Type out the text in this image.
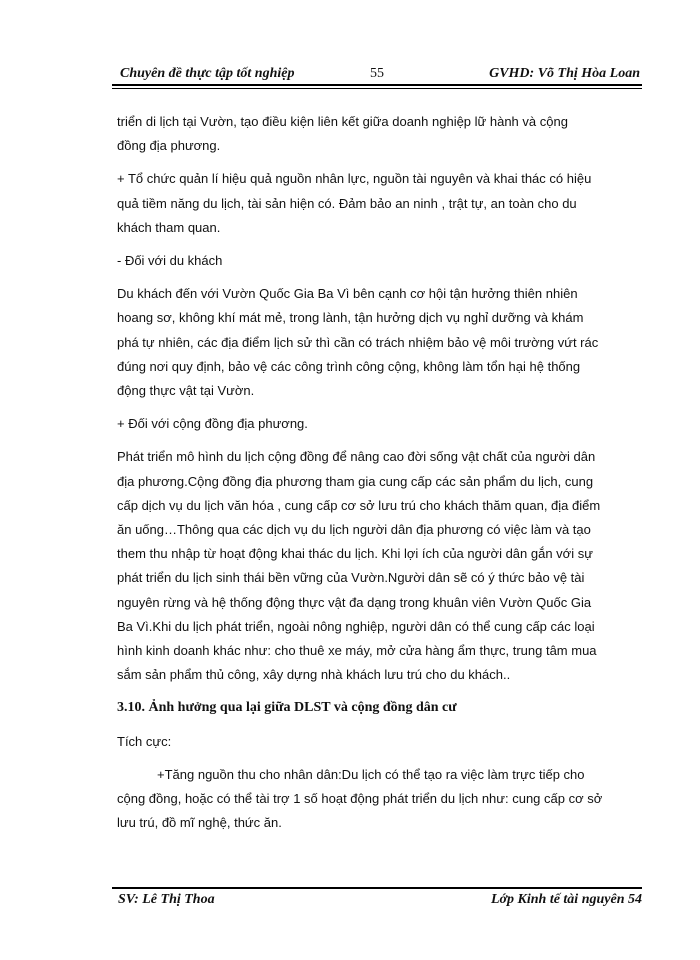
Chuyên đề thực tập tốt nghiệp	55	GVHD: Võ Thị Hòa Loan

triển di lịch tại Vườn, tạo điều kiện liên kết giữa doanh nghiệp lữ hành và cộng
đồng địa phương.

+ Tổ chức quản lí hiệu quả nguồn nhân lực, nguồn tài nguyên và khai thác có hiệu
quả tiềm năng du lịch, tài sản hiện có. Đảm bảo an ninh , trật tự, an toàn cho du
khách tham quan.

- Đối với du khách

Du khách đến với Vườn Quốc Gia Ba Vì bên cạnh cơ hội tận hưởng thiên nhiên
hoang sơ, không khí mát mẻ, trong lành, tận hưởng dịch vụ nghỉ dưỡng và khám
phá tự nhiên, các địa điểm lịch sử thì cần có trách nhiệm bảo vệ môi trường vứt rác
đúng nơi quy định, bảo vệ các công trình công cộng, không làm tổn hại hệ thống
động thực vật tại Vườn.

+ Đối với cộng đồng địa phương.

Phát triển mô hình du lịch cộng đồng để nâng cao đời sống vật chất của người dân
địa phương.Cộng đồng địa phương tham gia cung cấp các sản phẩm du lịch, cung
cấp dịch vụ du lịch văn hóa , cung cấp cơ sở lưu trú cho khách thăm quan, địa điểm
ăn uống…Thông qua các dịch vụ du lịch người dân địa phương có việc làm và tạo
them thu nhập từ hoạt động khai thác du lịch. Khi lợi ích của người dân gắn với sự
phát triển du lịch sinh thái bền vững của Vườn.Người dân sẽ có ý thức bảo vệ tài
nguyên rừng và hệ thống động thực vật đa dạng trong khuân viên Vườn Quốc Gia
Ba Vì.Khi du lịch phát triển, ngoài nông nghiệp, người dân có thể cung cấp các loại
hình kinh doanh khác như: cho thuê xe máy, mở cửa hàng ẩm thực, trung tâm mua
sắm sản phẩm thủ công, xây dựng nhà khách lưu trú cho du khách..

3.10. Ảnh hưởng qua lại giữa DLST và cộng đồng dân cư

Tích cực:

+Tăng nguồn thu cho nhân dân:Du lịch có thể tạo ra việc làm trực tiếp cho
cộng đồng, hoặc có thể tài trợ 1 số hoạt động phát triển du lịch như: cung cấp cơ sở
lưu trú, đồ mĩ nghệ, thức ăn.

SV: Lê Thị Thoa	Lớp Kinh tế tài nguyên 54
